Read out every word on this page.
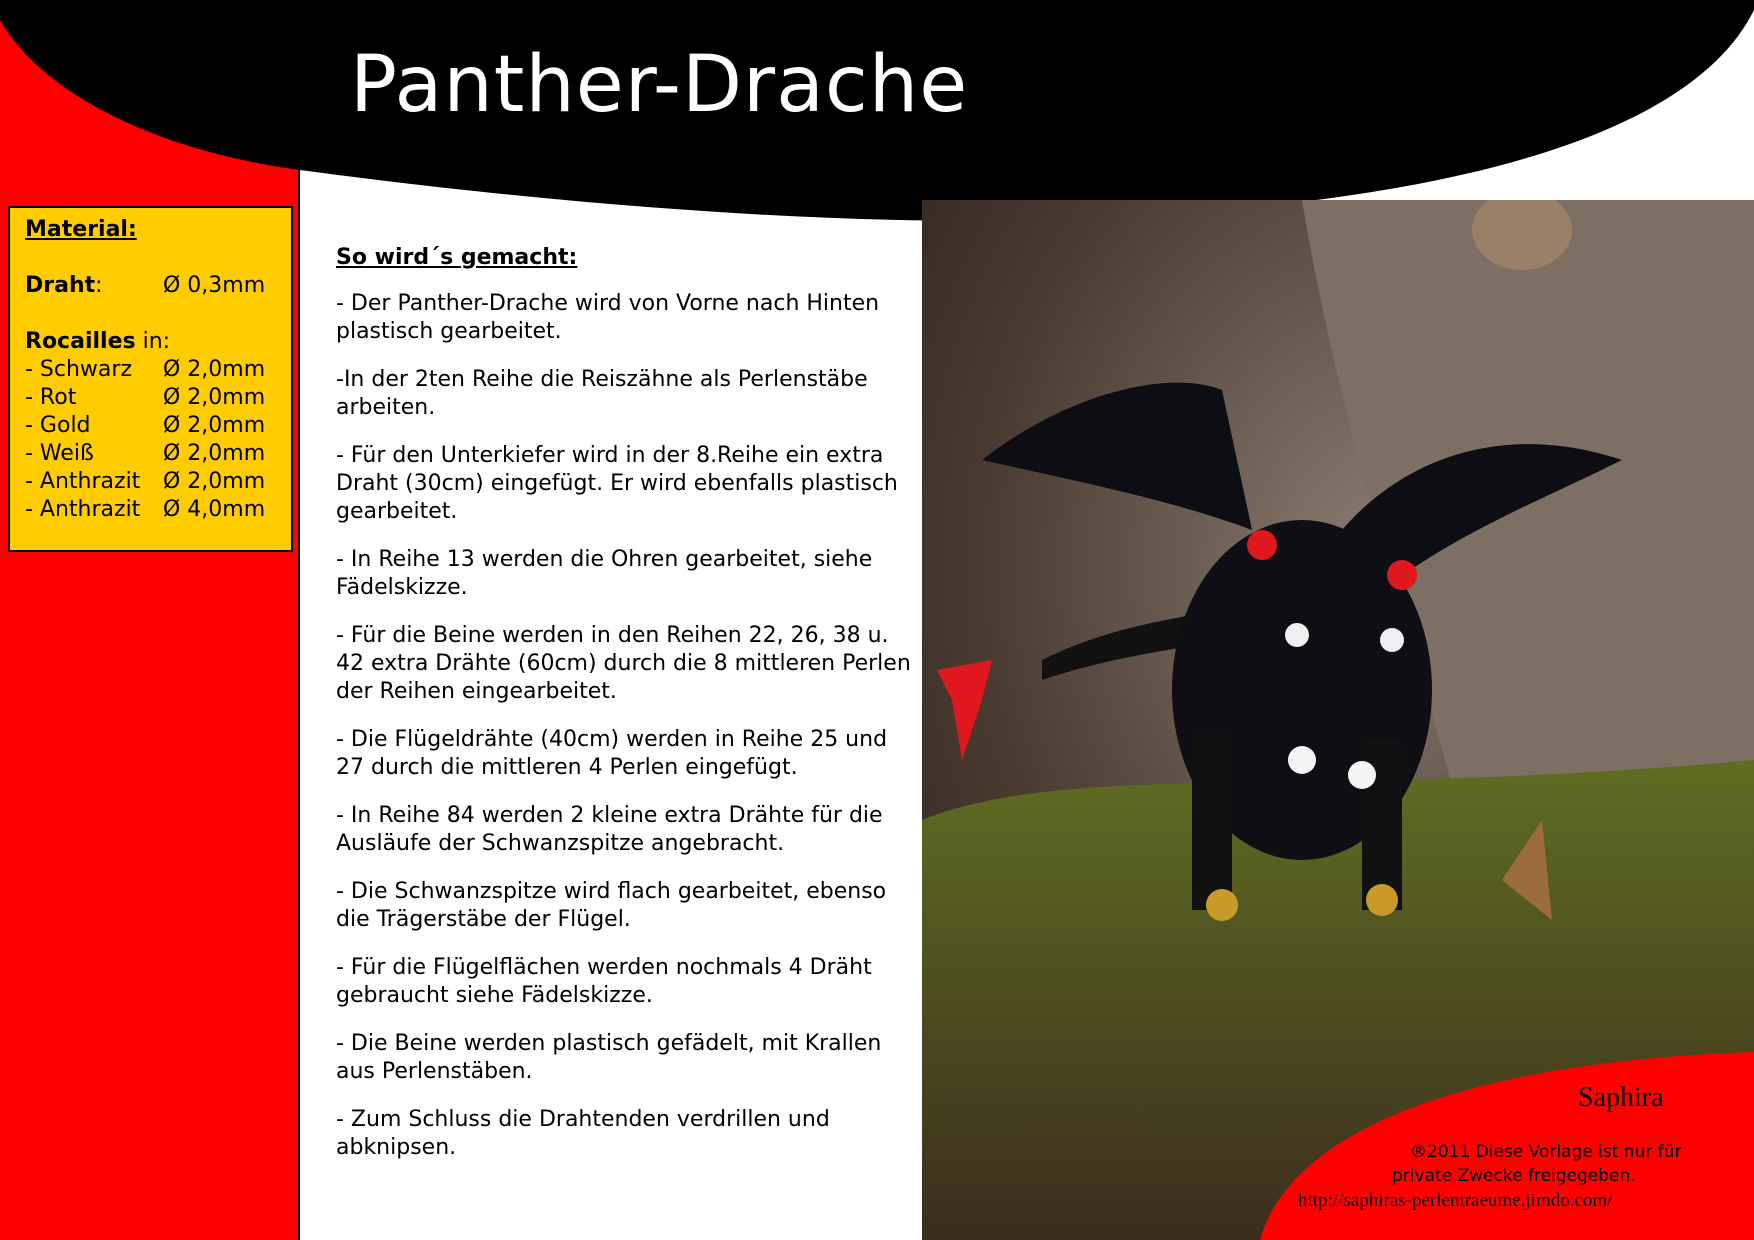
Panther-Drache
Material:
Draht:	Ø 0,3mm
Rocailles in:
- Schwarz	Ø 2,0mm
- Rot	Ø 2,0mm
- Gold	Ø 2,0mm
- Weiß	Ø 2,0mm
- Anthrazit	Ø 2,0mm
- Anthrazit	Ø 4,0mm
So wird´s gemacht:

- Der Panther-Drache wird von Vorne nach Hinten
plastisch gearbeitet.

-In der 2ten Reihe die Reiszähne als Perlenstäbe arbeiten.

- Für den Unterkiefer wird in der 8.Reihe ein extra Draht (30cm) eingefügt. Er wird ebenfalls plastisch gearbeitet.

- In Reihe 13 werden die Ohren gearbeitet, siehe Fädelskizze.

- Für die Beine werden in den Reihen 22, 26, 38 u. 42 extra Drähte (60cm) durch die 8 mittleren Perlen der Reihen eingearbeitet.

- Die Flügeldrähte (40cm) werden in Reihe 25 und 27 durch die mittleren 4 Perlen eingefügt.

- In Reihe 84 werden 2 kleine extra Drähte für die Ausläufe der Schwanzspitze angebracht.

- Die Schwanzspitze wird flach gearbeitet, ebenso die Trägerstäbe der Flügel.

- Für die Flügelflächen werden nochmals 4 Dräht gebraucht siehe Fädelskizze.

- Die Beine werden plastisch gefädelt, mit Krallen aus Perlenstäben.

- Zum Schluss die Drahtenden verdrillen und abknipsen.

Saphira
®2011 Diese Vorlage ist nur für
private Zwecke freigegeben.
http://saphiras-perlentraeume.jimdo.com/
